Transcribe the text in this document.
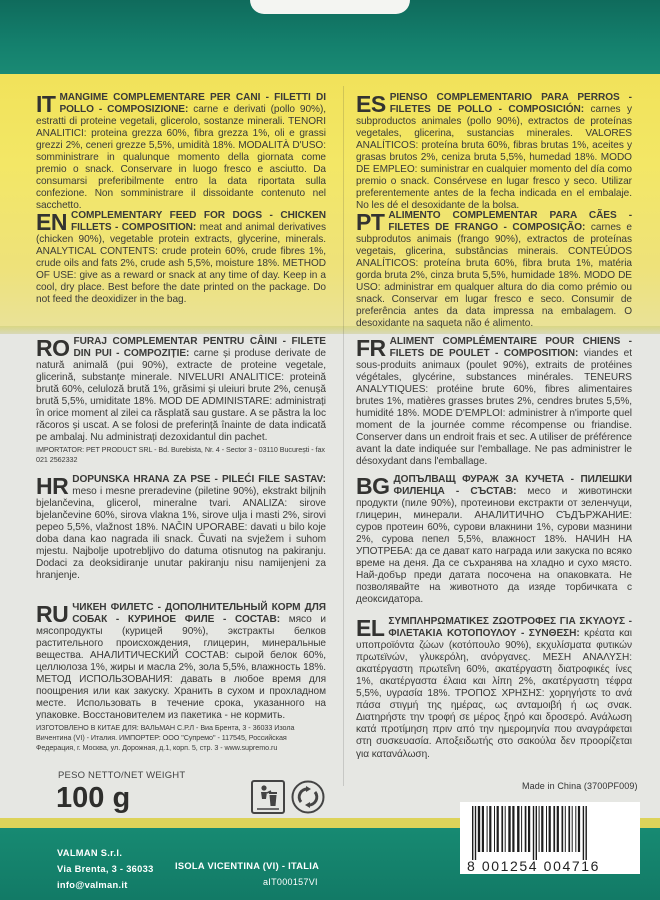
IT MANGIME COMPLEMENTARE PER CANI - FILETTI DI POLLO - COMPOSIZIONE: carne e derivati (pollo 90%), estratti di proteine vegetali, glicerolo, sostanze minerali. TENORI ANALITICI: proteina grezza 60%, fibra grezza 1%, oli e grassi grezzi 2%, ceneri grezze 5,5%, umidità 18%. MODALITÀ D'USO: somministrare in qualunque momento della giornata come premio o snack. Conservare in luogo fresco e asciutto. Da consumarsi preferibilmente entro la data riportata sulla confezione. Non somministrare il dissoidante contenuto nel sacchetto.
ES PIENSO COMPLEMENTARIO PARA PERROS - FILETES DE POLLO - COMPOSICIÓN: carnes y subproductos animales (pollo 90%), extractos de proteínas vegetales, glicerina, sustancias minerales. VALORES ANALÍTICOS: proteína bruta 60%, fibras brutas 1%, aceites y grasas brutos 2%, ceniza bruta 5,5%, humedad 18%. MODO DE EMPLEO: suministrar en cualquier momento del día como premio o snack. Consérvese en lugar fresco y seco. Utilizar preferentemente antes de la fecha indicada en el embalaje. No les dé el desoxidante de la bolsa.
EN COMPLEMENTARY FEED FOR DOGS - CHICKEN FILLETS - COMPOSITION: meat and animal derivatives (chicken 90%), vegetable protein extracts, glycerine, minerals. ANALYTICAL CONTENTS: crude protein 60%, crude fibres 1%, crude oils and fats 2%, crude ash 5,5%, moisture 18%. METHOD OF USE: give as a reward or snack at any time of day. Keep in a cool, dry place. Best before the date printed on the package. Do not feed the deoxidizer in the bag.
PT ALIMENTO COMPLEMENTAR PARA CÃES - FILETES DE FRANGO - COMPOSIÇÃO: carnes e subprodutos animais (frango 90%), extractos de proteínas vegetais, glicerina, substâncias minerais. CONTEÚDOS ANALÍTICOS: proteína bruta 60%, fibra bruta 1%, matéria gorda bruta 2%, cinza bruta 5,5%, humidade 18%. MODO DE USO: administrar em qualquer altura do dia como prémio ou snack. Conservar em lugar fresco e seco. Consumir de preferência antes da data impressa na embalagem. O desoxidante na saqueta não é alimento.
RO FURAJ COMPLEMENTAR PENTRU CÂINI - FILETE DIN PUI - COMPOZIȚIE: carne și produse derivate de natură animală (pui 90%), extracte de proteine vegetale, glicerină, substanțe minerale. NIVELURI ANALITICE: proteină brută 60%, celuloză brută 1%, grăsimi și uleiuri brute 2%, cenușă brută 5,5%, umiditate 18%. MOD DE ADMINISTARE: administrați în orice moment al zilei ca răsplată sau gustare. A se păstra la loc răcoros și uscat. A se folosi de preferință înainte de data indicată pe ambalaj. Nu administrați dezoxidantul din pachet.
IMPORTATOR: PET PRODUCT SRL - Bd. Burebista, Nr. 4 - Sector 3 - 03110 București - fax 021 2562332
FR ALIMENT COMPLÉMENTAIRE POUR CHIENS - FILETS DE POULET - COMPOSITION: viandes et sous-produits animaux (poulet 90%), extraits de protéines végétales, glycérine, substances minérales. TENEURS ANALYTIQUES: protéine brute 60%, fibres alimentaires brutes 1%, matières grasses brutes 2%, cendres brutes 5,5%, humidité 18%. MODE D'EMPLOI: administrer à n'importe quel moment de la journée comme récompense ou friandise. Conserver dans un endroit frais et sec. A utiliser de préférence avant la date indiquée sur l'emballage. Ne pas administrer le désoxydant dans l'emballage.
HR DOPUNSKA HRANA ZA PSE - PILEĆI FILE SASTAV: meso i mesne preradevine (piletine 90%), ekstrakt biljnih bjelančevina, glicerol, mineralne tvari. ANALIZA: sirove bjelančevine 60%, sirova vlakna 1%, sirove ulja i masti 2%, sirovi pepeo 5,5%, vlažnost 18%. NAČIN UPORABE: davati u bilo koje doba dana kao nagrada ili snack. Čuvati na svježem i suhom mjestu. Najbolje upotrebljivo do datuma otisnutog na pakiranju. Dodaci za deoksidiranje unutar pakiranju nisu namijenjeni za hranjenje.
BG ДОПЪЛВАЩ ФУРАЖ ЗА КУЧЕТА - ПИЛЕШКИ ФИЛЕНЦА - СЪСТАВ: месо и животински продукти (пиле 90%), протеинови екстракти от зеленчуци, глицерин, минерали. АНАЛИТИЧНО СЪДЪРЖАНИЕ: суров протеин 60%, сурови влакнини 1%, сурови мазнини 2%, сурова пепел 5,5%, влажност 18%. НАЧИН НА УПОТРЕБА: да се дават като награда или закуска по всяко време на деня. Да се съхранява на хладно и сухо място. Най-добър преди датата посочена на опаковката. Не позволявайте на животното да изяде торбичката с деоксидатора.
RU ЧИКЕН ФИЛЕТС - ДОПОЛНИТЕЛЬНЫЙ КОРМ ДЛЯ СОБАК - КУРИНОЕ ФИЛЕ - СОСТАВ: мясо и мясопродукты (курицей 90%), экстракты белков растительного происхождения, глицерин, минеральные вещества. АНАЛИТИЧЕСКИЙ СОСТАВ: сырой белок 60%, целлюлоза 1%, жиры и масла 2%, зола 5,5%, влажность 18%. МЕТОД ИСПОЛЬЗОВАНИЯ: давать в любое время для поощрения или как закуску. Хранить в сухом и прохладном месте. Использовать в течение срока, указанного на упаковке. Восстановителем из пакетика - не кормить.
ИЗГОТОВЛЕНО В КИТАЕ ДЛЯ: ВАЛЬМАН С.Р.Л - Виа Брента, 3 - 36033 Изола Вичентина (VI) - Италия. ИМПОРТЕР: ООО "Супремо" - 117545, Российская Федерация, г. Москва, ул. Дорожная, д.1, корп. 5, стр. 3 - www.supremo.ru
EL ΣΥΜΠΛΗΡΩΜΑΤΙΚΕΣ ΖΩΟΤΡΟΦΕΣ ΓΙΑ ΣΚΥΛΟΥΣ - ΦΙΛΕΤΑΚΙΑ ΚΟΤΟΠΟΥΛΟΥ - ΣΥΝΘΕΣΗ: κρέατα και υποπροϊόντα ζώων (κοτόπουλο 90%), εκχυλίσματα φυτικών πρωτεϊνών, γλυκερόλη, ανόργανες. ΜΕΣΗ ΑΝΑΛΥΣΗ: ακατέργαστη πρωτεΐνη 60%, ακατέργαστη διατροφικές ίνες 1%, ακατέργαστα έλαια και λίπη 2%, ακατέργαστη τέφρα 5,5%, υγρασία 18%. ΤΡΟΠΟΣ ΧΡΗΣΗΣ: χορηγήστε το ανά πάσα στιγμή της ημέρας, ως ανταμοιβή ή ως σνακ. Διατηρήστε την τροφή σε μέρος ξηρό και δροσερό. Ανάλωση κατά προτίμηση πριν από την ημερομηνία που αναγράφεται στη συσκευασία. Αποξειδωτής στο σακούλα δεν προορίζεται για κατανάλωση.
PESO NETTO/NET WEIGHT
100 g	Made in China (3700PF009)
VALMAN S.r.l.
Via Brenta, 3 - 36033
info@valman.it
ISOLA VICENTINA (VI) - ITALIA
aIT000157VI
8 001254 004716
